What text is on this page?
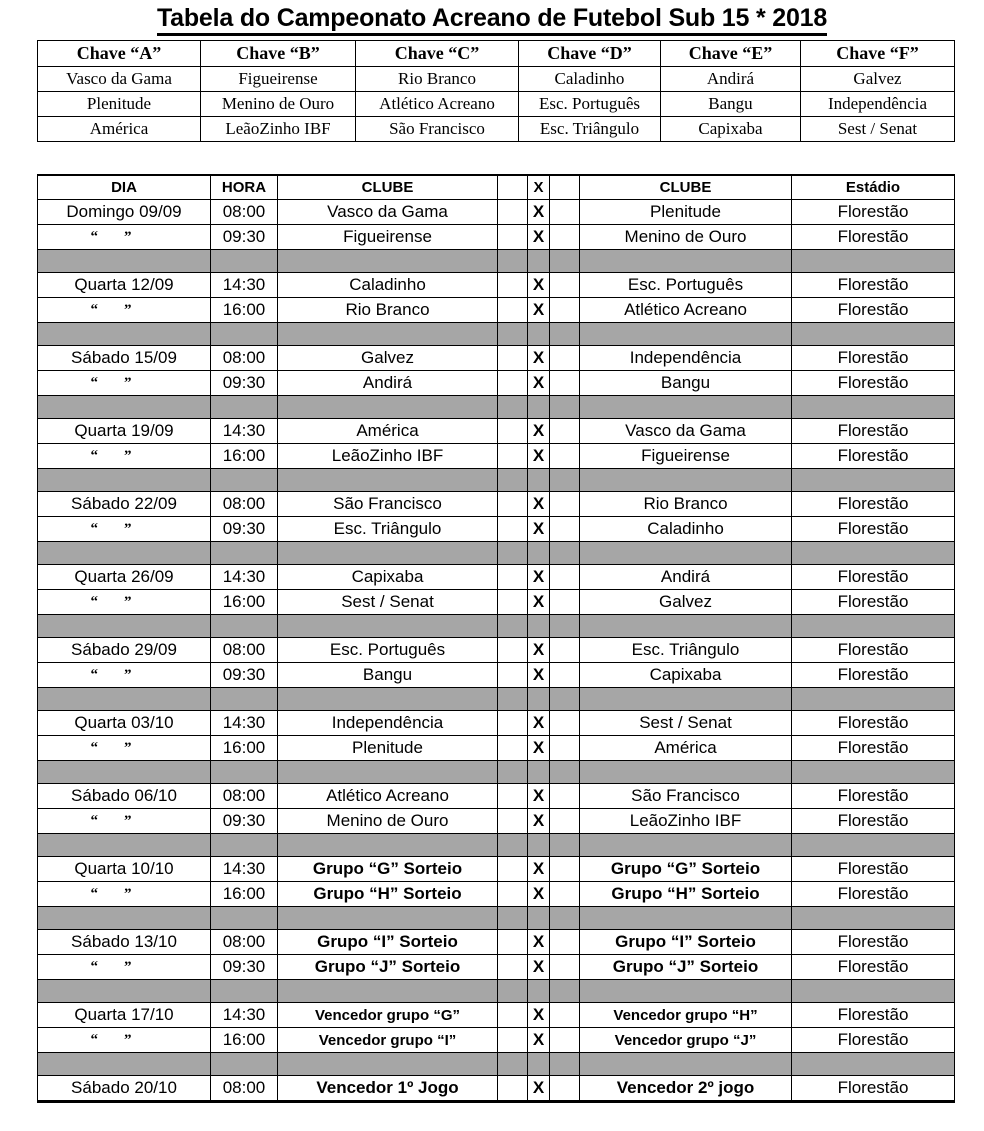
Tabela do Campeonato Acreano de Futebol Sub 15 * 2018
Chave “A”	Chave “B”	Chave “C”	Chave “D”	Chave “E”	Chave “F”
Vasco da Gama	Figueirense	Rio Branco	Caladinho	Andirá	Galvez
Plenitude	Menino de Ouro	Atlético Acreano	Esc. Português	Bangu	Independência
América	LeãoZinho IBF	São Francisco	Esc. Triângulo	Capixaba	Sest / Senat
DIA	HORA	CLUBE		X		CLUBE	Estádio
Domingo 09/09	08:00	Vasco da Gama		X		Plenitude	Florestão
“”	09:30	Figueirense		X		Menino de Ouro	Florestão

Quarta 12/09	14:30	Caladinho		X		Esc. Português	Florestão
“”	16:00	Rio Branco		X		Atlético Acreano	Florestão

Sábado 15/09	08:00	Galvez		X		Independência	Florestão
“”	09:30	Andirá		X		Bangu	Florestão

Quarta 19/09	14:30	América		X		Vasco da Gama	Florestão
“”	16:00	LeãoZinho IBF		X		Figueirense	Florestão

Sábado 22/09	08:00	São Francisco		X		Rio Branco	Florestão
“”	09:30	Esc. Triângulo		X		Caladinho	Florestão

Quarta 26/09	14:30	Capixaba		X		Andirá	Florestão
“”	16:00	Sest / Senat		X		Galvez	Florestão

Sábado 29/09	08:00	Esc. Português		X		Esc. Triângulo	Florestão
“”	09:30	Bangu		X		Capixaba	Florestão

Quarta 03/10	14:30	Independência		X		Sest / Senat	Florestão
“”	16:00	Plenitude		X		América	Florestão

Sábado 06/10	08:00	Atlético Acreano		X		São Francisco	Florestão
“”	09:30	Menino de Ouro		X		LeãoZinho IBF	Florestão

Quarta 10/10	14:30	Grupo “G” Sorteio		X		Grupo “G” Sorteio	Florestão
“”	16:00	Grupo “H” Sorteio		X		Grupo “H” Sorteio	Florestão

Sábado 13/10	08:00	Grupo “I” Sorteio		X		Grupo “I” Sorteio	Florestão
“”	09:30	Grupo “J” Sorteio		X		Grupo “J” Sorteio	Florestão

Quarta 17/10	14:30	Vencedor grupo “G”		X		Vencedor grupo “H”	Florestão
“”	16:00	Vencedor grupo “I”		X		Vencedor grupo “J”	Florestão

Sábado 20/10	08:00	Vencedor 1º Jogo		X		Vencedor 2º jogo	Florestão
